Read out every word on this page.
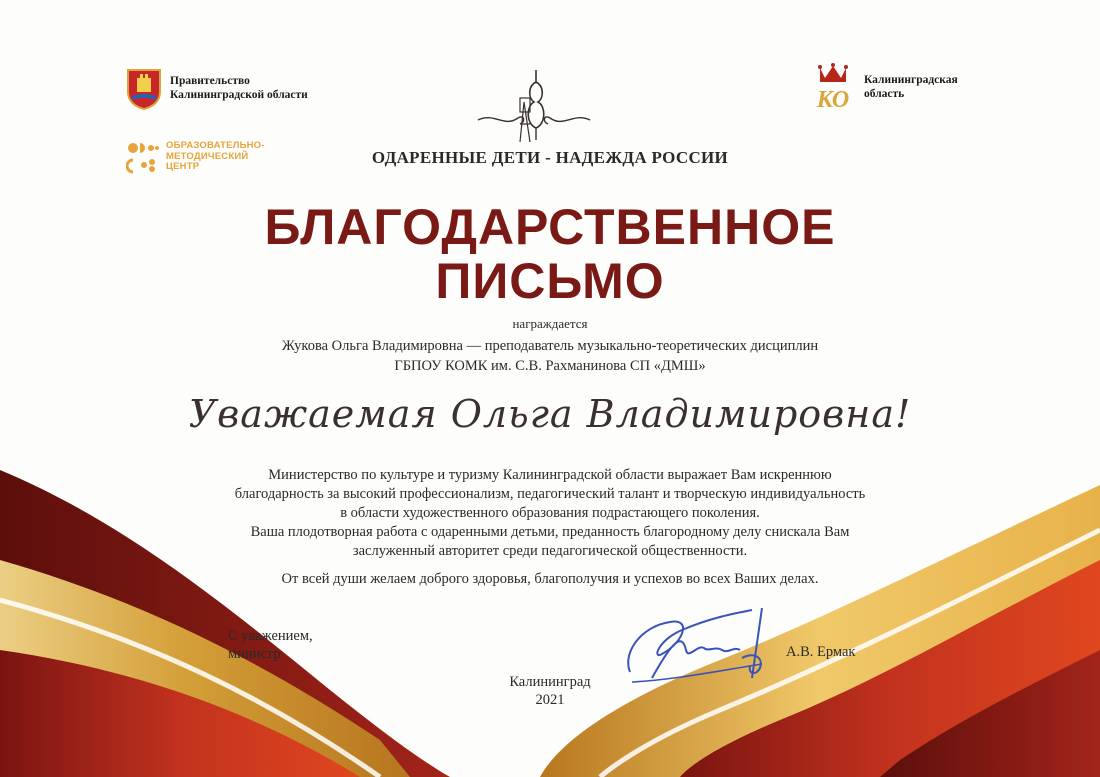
Правительство
Калининградской области
ОБРАЗОВАТЕЛЬНО-
МЕТОДИЧЕСКИЙ
ЦЕНТР
КО
Калининградская
область
ОДАРЕННЫЕ ДЕТИ - НАДЕЖДА РОССИИ
БЛАГОДАРСТВЕННОЕ
ПИСЬМО
награждается
Жукова Ольга Владимировна — преподаватель музыкально-теоретических дисциплин
ГБПОУ КОМК им. С.В. Рахманинова СП «ДМШ»
Уважаемая Ольга Владимировна!
Министерство по культуре и туризму Калининградской области выражает Вам искреннюю
благодарность за высокий профессионализм, педагогический талант и творческую индивидуальность
в области художественного образования подрастающего поколения.
Ваша плодотворная работа с одаренными детьми, преданность благородному делу снискала Вам
заслуженный авторитет среди педагогической общественности.
От всей души желаем доброго здоровья, благополучия и успехов во всех Ваших делах.
С уважением,
министр	А.В. Ермак
Калининград
2021
